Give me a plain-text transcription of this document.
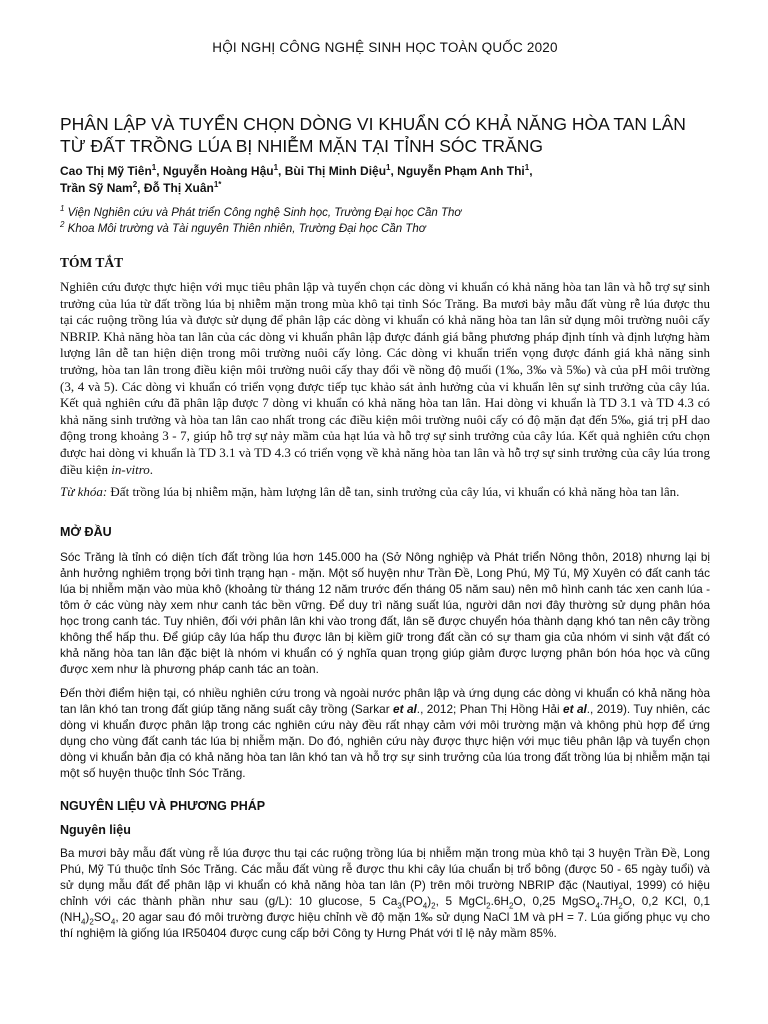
HỘI NGHỊ CÔNG NGHỆ SINH HỌC TOÀN QUỐC 2020
PHÂN LẬP VÀ TUYỂN CHỌN DÒNG VI KHUẨN CÓ KHẢ NĂNG HÒA TAN LÂN TỪ ĐẤT TRỒNG LÚA BỊ NHIỄM MẶN TẠI TỈNH SÓC TRĂNG

Cao Thị Mỹ Tiên$^1$, Nguyễn Hoàng Hậu$^1$, Bùi Thị Minh Diệu$^1$, Nguyễn Phạm Anh Thi$^1$,
Trần Sỹ Nam$^2$, Đỗ Thị Xuân$^{1*}$

$^1$ Viện Nghiên cứu và Phát triển Công nghệ Sinh học, Trường Đại học Cần Thơ

$^2$ Khoa Môi trường và Tài nguyên Thiên nhiên, Trường Đại học Cần Thơ

TÓM TẮT

Nghiên cứu được thực hiện với mục tiêu phân lập và tuyển chọn các dòng vi khuẩn có khả năng hòa tan lân và hỗ trợ sự sinh trưởng của lúa từ đất trồng lúa bị nhiễm mặn trong mùa khô tại tỉnh Sóc Trăng. Ba mươi bảy mẫu đất vùng rễ lúa được thu tại các ruộng trồng lúa và được sử dụng để phân lập các dòng vi khuẩn có khả năng hòa tan lân sử dụng môi trường nuôi cấy NBRIP. Khả năng hòa tan lân của các dòng vi khuẩn phân lập được đánh giá bằng phương pháp định tính và định lượng hàm lượng lân dễ tan hiện diện trong môi trường nuôi cấy lỏng. Các dòng vi khuẩn triển vọng được đánh giá khả năng sinh trưởng, hòa tan lân trong điều kiện môi trường nuôi cấy thay đổi về nồng độ muối (1‰, 3‰ và 5‰) và của pH môi trường (3, 4 và 5). Các dòng vi khuẩn có triển vọng được tiếp tục khảo sát ảnh hưởng của vi khuẩn lên sự sinh trưởng của cây lúa. Kết quả nghiên cứu đã phân lập được 7 dòng vi khuẩn có khả năng hòa tan lân. Hai dòng vi khuẩn là TD 3.1 và TD 4.3 có khả năng sinh trưởng và hòa tan lân cao nhất trong các điều kiện môi trường nuôi cấy có độ mặn đạt đến 5‰, giá trị pH dao động trong khoảng 3 - 7, giúp hỗ trợ sự nảy mầm của hạt lúa và hỗ trợ sự sinh trưởng của cây lúa. Kết quả nghiên cứu chọn được hai dòng vi khuẩn là TD 3.1 và TD 4.3 có triển vọng về khả năng hòa tan lân và hỗ trợ sự sinh trưởng của cây lúa trong điều kiện in-vitro.

Từ khóa: Đất trồng lúa bị nhiễm mặn, hàm lượng lân dễ tan, sinh trưởng của cây lúa, vi khuẩn có khả năng hòa tan lân.

MỞ ĐẦU

Sóc Trăng là tỉnh có diện tích đất trồng lúa hơn 145.000 ha (Sở Nông nghiệp và Phát triển Nông thôn, 2018) nhưng lại bị ảnh hưởng nghiêm trọng bởi tình trạng hạn - mặn. Một số huyện như Trần Đề, Long Phú, Mỹ Tú, Mỹ Xuyên có đất canh tác lúa bị nhiễm mặn vào mùa khô (khoảng từ tháng 12 năm trước đến tháng 05 năm sau) nên mô hình canh tác xen canh lúa - tôm ở các vùng này xem như canh tác bền vững. Để duy trì năng suất lúa, người dân nơi đây thường sử dụng phân hóa học trong canh tác. Tuy nhiên, đối với phân lân khi vào trong đất, lân sẽ được chuyển hóa thành dạng khó tan nên cây trồng không thể hấp thu. Để giúp cây lúa hấp thu được lân bị kiềm giữ trong đất cần có sự tham gia của nhóm vi sinh vật đất có khả năng hòa tan lân đặc biệt là nhóm vi khuẩn có ý nghĩa quan trọng giúp giảm được lượng phân bón hóa học và cũng được xem như là phương pháp canh tác an toàn.

Đến thời điểm hiện tại, có nhiều nghiên cứu trong và ngoài nước phân lập và ứng dụng các dòng vi khuẩn có khả năng hòa tan lân khó tan trong đất giúp tăng năng suất cây trồng (Sarkar et al., 2012; Phan Thị Hồng Hải et al., 2019). Tuy nhiên, các dòng vi khuẩn được phân lập trong các nghiên cứu này đều rất nhạy cảm với môi trường mặn và không phù hợp để ứng dụng cho vùng đất canh tác lúa bị nhiễm mặn. Do đó, nghiên cứu này được thực hiện với mục tiêu phân lập và tuyển chọn dòng vi khuẩn bản địa có khả năng hòa tan lân khó tan và hỗ trợ sự sinh trưởng của lúa trong đất trồng lúa bị nhiễm mặn tại một số huyện thuộc tỉnh Sóc Trăng.

NGUYÊN LIỆU VÀ PHƯƠNG PHÁP
Nguyên liệu

Ba mươi bảy mẫu đất vùng rễ lúa được thu tại các ruộng trồng lúa bị nhiễm mặn trong mùa khô tại 3 huyện Trần Đề, Long Phú, Mỹ Tú thuộc tỉnh Sóc Trăng. Các mẫu đất vùng rễ được thu khi cây lúa chuẩn bị trổ bông (được 50 - 65 ngày tuổi) và sử dụng mẫu đất để phân lập vi khuẩn có khả năng hòa tan lân (P) trên môi trường NBRIP đặc (Nautiyal, 1999) có hiệu chỉnh với các thành phần như sau (g/L): 10 glucose, 5 $Ca_3(PO_4)_2$, 5 $MgCl_2.6H_2O$, 0,25 $MgSO_4.7H_2O$, 0,2 KCl, 0,1 $(NH_4)_2SO_4$, 20 agar sau đó môi trường được hiệu chỉnh về độ mặn 1‰ sử dụng NaCl 1M và pH = 7. Lúa giống phục vụ cho thí nghiệm là giống lúa IR50404 được cung cấp bởi Công ty Hưng Phát với tỉ lệ nảy mầm 85%.
